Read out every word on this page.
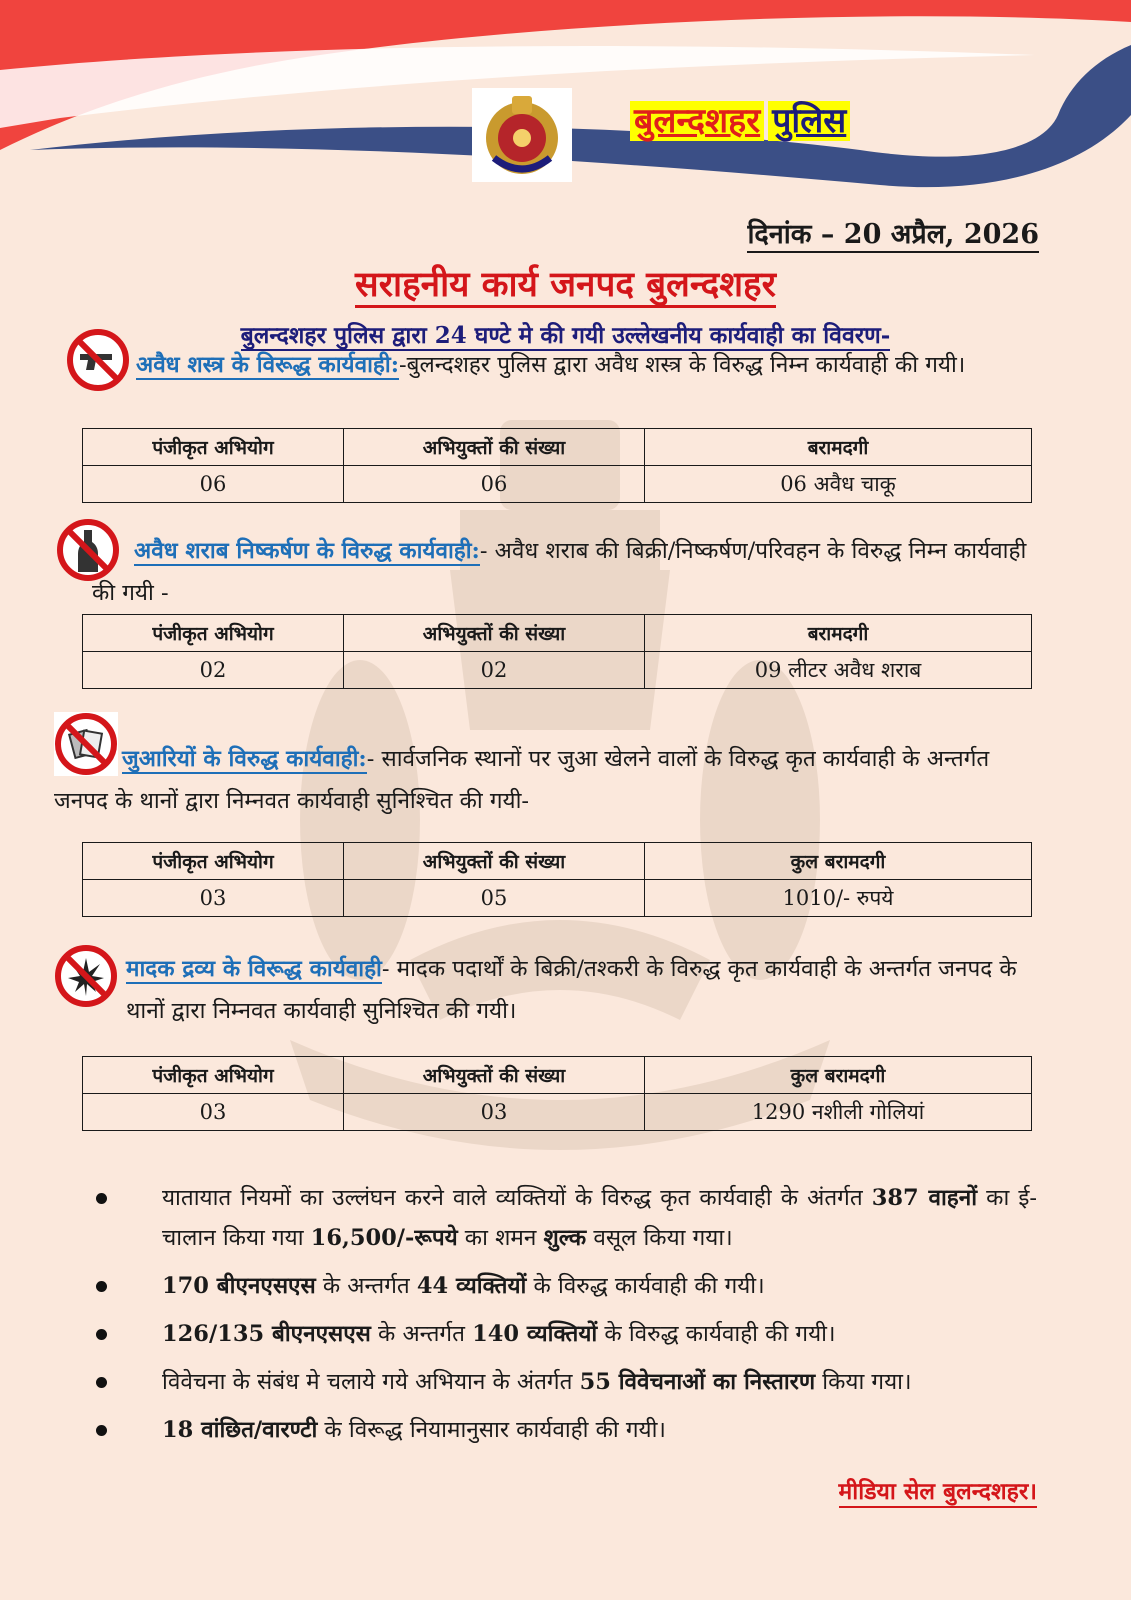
बुलन्दशहर पुलिस
दिनांक – 20 अप्रैल, 2026
सराहनीय कार्य जनपद बुलन्दशहर
बुलन्दशहर पुलिस द्वारा 24 घण्टे मे की गयी उल्लेखनीय कार्यवाही का विवरण-
अवैध शस्त्र के विरूद्ध कार्यवाही:-बुलन्दशहर पुलिस द्वारा अवैध शस्त्र के विरुद्ध निम्न कार्यवाही की गयी।
पंजीकृत अभियोग	अभियुक्तों की संख्या	बरामदगी
06	06	06 अवैध चाकू
अवैध शराब निष्कर्षण के विरुद्ध कार्यवाही:- अवैध शराब की बिक्री/निष्कर्षण/परिवहन के विरुद्ध निम्न कार्यवाही की गयी -
पंजीकृत अभियोग	अभियुक्तों की संख्या	बरामदगी
02	02	09 लीटर अवैध शराब
जुआरियों के विरुद्ध कार्यवाही:- सार्वजनिक स्थानों पर जुआ खेलने वालों के विरुद्ध कृत कार्यवाही के अन्तर्गत जनपद के थानों द्वारा निम्नवत कार्यवाही सुनिश्चित की गयी-
पंजीकृत अभियोग	अभियुक्तों की संख्या	कुल बरामदगी
03	05	1010/- रुपये
मादक द्रव्य के विरूद्ध कार्यवाही- मादक पदार्थों के बिक्री/तश्करी के विरुद्ध कृत कार्यवाही के अन्तर्गत जनपद के थानों द्वारा निम्नवत कार्यवाही सुनिश्चित की गयी।
पंजीकृत अभियोग	अभियुक्तों की संख्या	कुल बरामदगी
03	03	1290 नशीली गोलियां
यातायात नियमों का उल्लंघन करने वाले व्यक्तियों के विरुद्ध कृत कार्यवाही के अंतर्गत 387 वाहनों का ई-चालान किया गया 16,500/-रूपये का शमन शुल्क वसूल किया गया।
170 बीएनएसएस के अन्तर्गत 44 व्यक्तियों के विरुद्ध कार्यवाही की गयी।
126/135 बीएनएसएस के अन्तर्गत 140 व्यक्तियों के विरुद्ध कार्यवाही की गयी।
विवेचना के संबंध मे चलाये गये अभियान के अंतर्गत 55 विवेचनाओं का निस्तारण किया गया।
18 वांछित/वारण्टी के विरूद्ध नियामानुसार कार्यवाही की गयी।
मीडिया सेल बुलन्दशहर।
